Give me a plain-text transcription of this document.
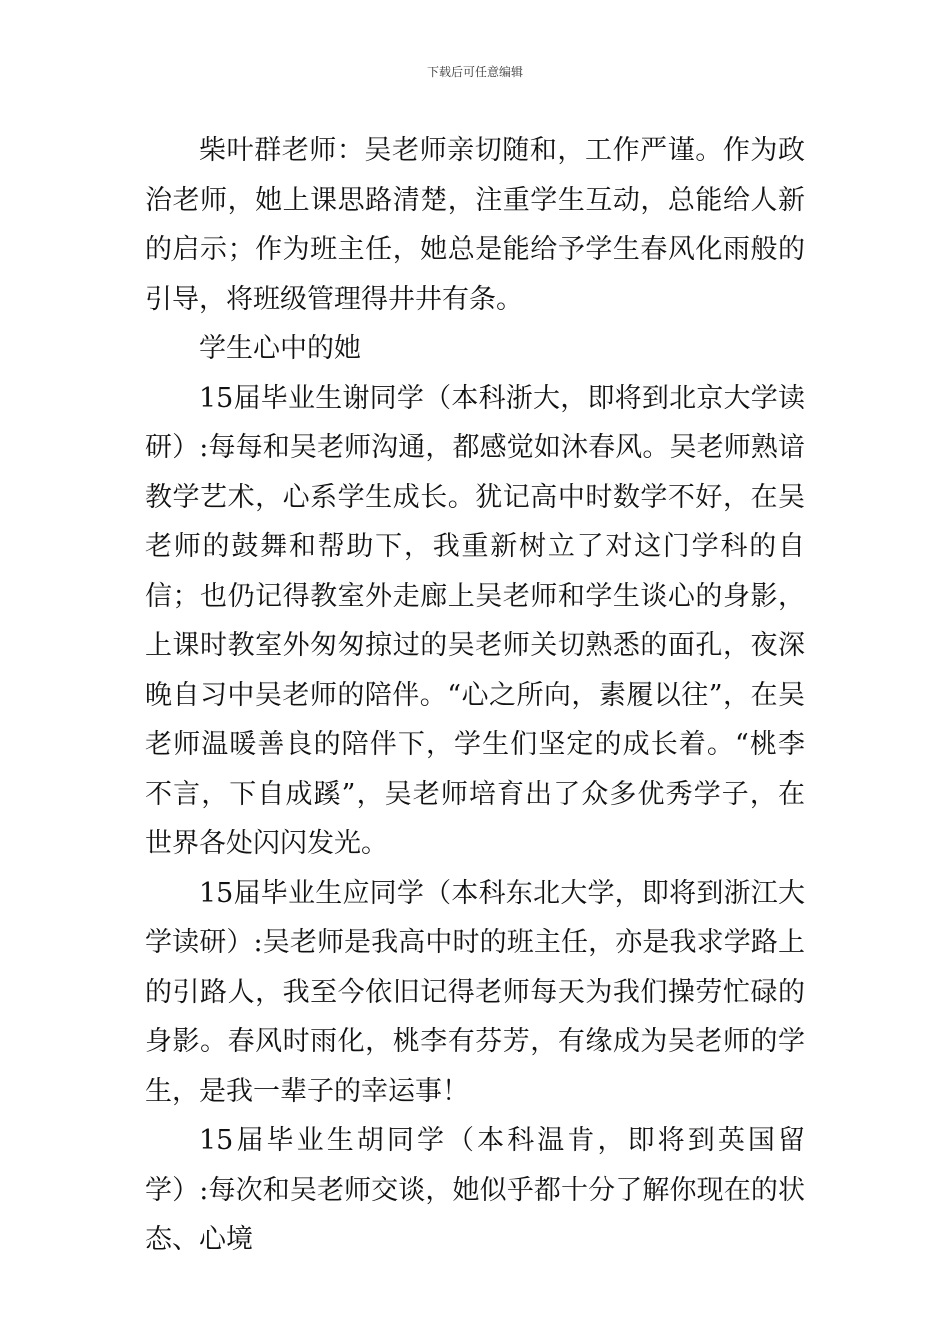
下载后可任意编辑

柴叶群老师：吴老师亲切随和，工作严谨。作为政治老师，她上课思路清楚，注重学生互动，总能给人新的启示；作为班主任，她总是能给予学生春风化雨般的引导，将班级管理得井井有条。

学生心中的她

15届毕业生谢同学（本科浙大，即将到北京大学读研）:每每和吴老师沟通，都感觉如沐春风。吴老师熟谙教学艺术，心系学生成长。犹记高中时数学不好，在吴老师的鼓舞和帮助下，我重新树立了对这门学科的自信；也仍记得教室外走廊上吴老师和学生谈心的身影，上课时教室外匆匆掠过的吴老师关切熟悉的面孔，夜深晚自习中吴老师的陪伴。“心之所向，素履以往”，在吴老师温暖善良的陪伴下，学生们坚定的成长着。“桃李不言，下自成蹊”，吴老师培育出了众多优秀学子，在世界各处闪闪发光。

15届毕业生应同学（本科东北大学，即将到浙江大学读研）:吴老师是我高中时的班主任，亦是我求学路上的引路人，我至今依旧记得老师每天为我们操劳忙碌的身影。春风时雨化，桃李有芬芳，有缘成为吴老师的学生，是我一辈子的幸运事！

15届毕业生胡同学（本科温肯，即将到英国留学）:每次和吴老师交谈，她似乎都十分了解你现在的状态、心境
